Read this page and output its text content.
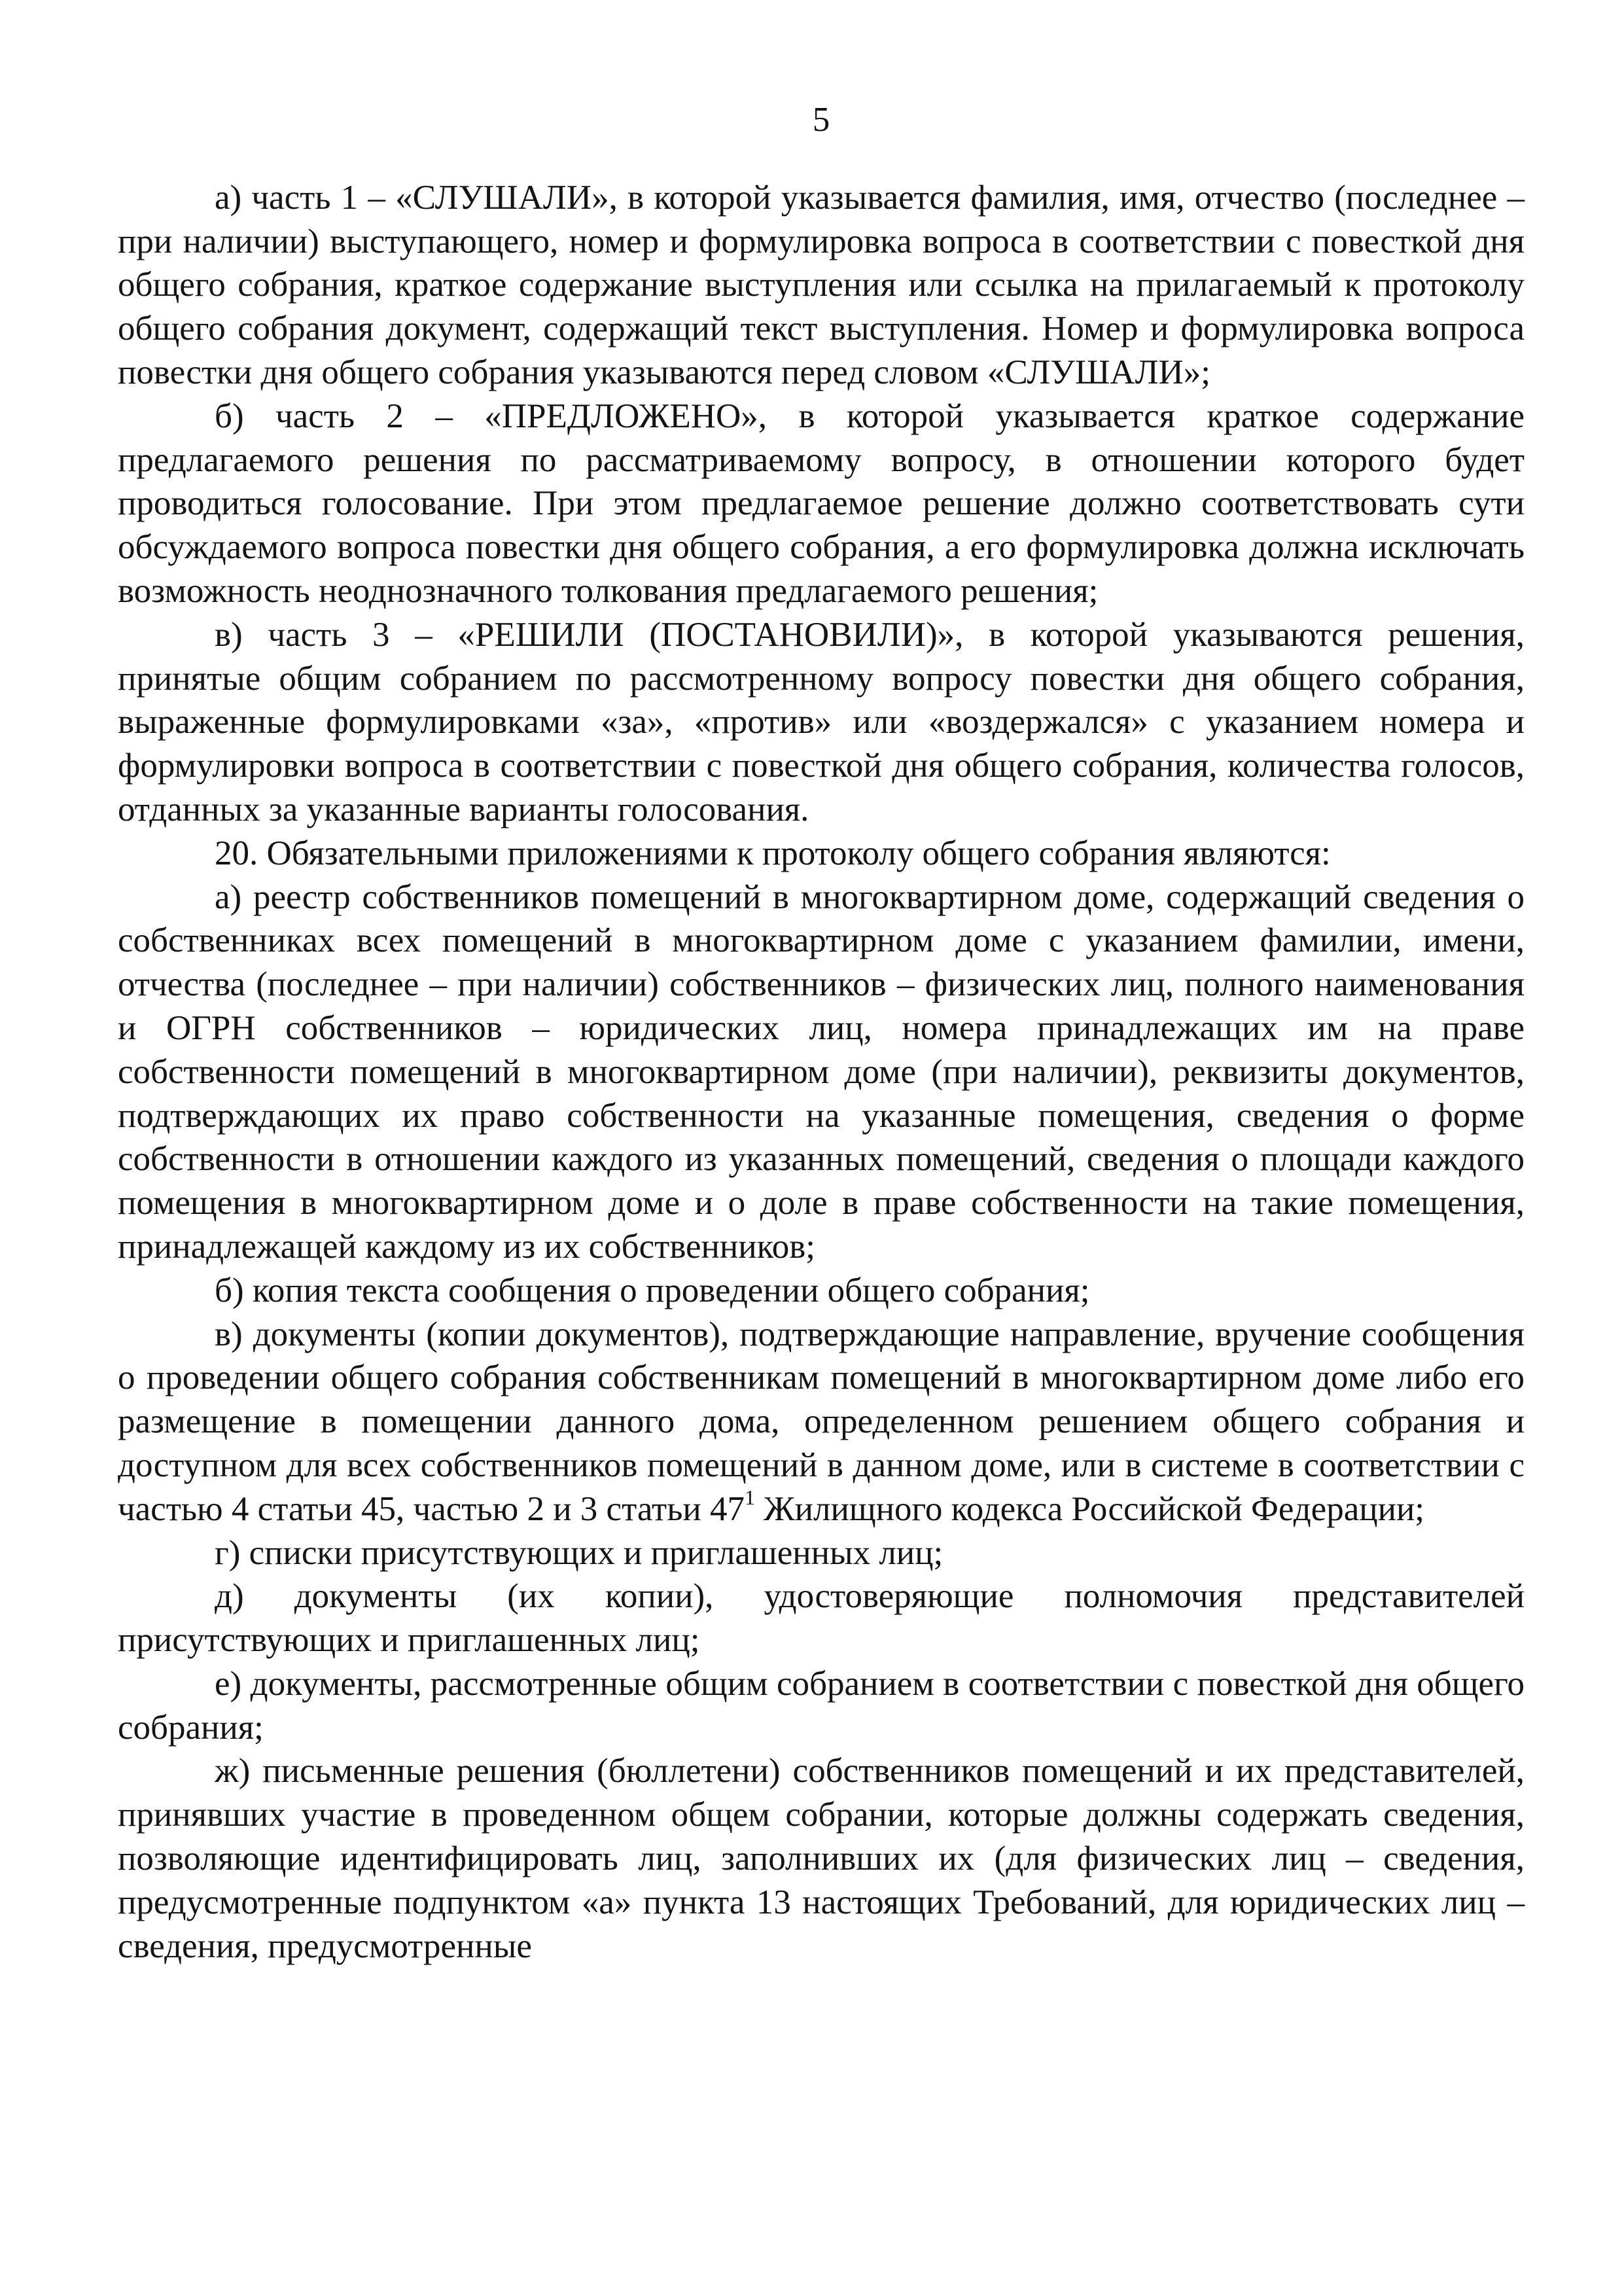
5

а) часть 1 – «СЛУШАЛИ», в которой указывается фамилия, имя, отчество (последнее – при наличии) выступающего, номер и формулировка вопроса в соответствии с повесткой дня общего собрания, краткое содержание выступления или ссылка на прилагаемый к протоколу общего собрания документ, содержащий текст выступления. Номер и формулировка вопроса повестки дня общего собрания указываются перед словом «СЛУШАЛИ»;

б) часть 2 – «ПРЕДЛОЖЕНО», в которой указывается краткое содержание предлагаемого решения по рассматриваемому вопросу, в отношении которого будет проводиться голосование. При этом предлагаемое решение должно соответствовать сути обсуждаемого вопроса повестки дня общего собрания, а его формулировка должна исключать возможность неоднозначного толкования предлагаемого решения;

в) часть 3 – «РЕШИЛИ (ПОСТАНОВИЛИ)», в которой указываются решения, принятые общим собранием по рассмотренному вопросу повестки дня общего собрания, выраженные формулировками «за», «против» или «воздержался» с указанием номера и формулировки вопроса в соответствии с повесткой дня общего собрания, количества голосов, отданных за указанные варианты голосования.

20. Обязательными приложениями к протоколу общего собрания являются:

а) реестр собственников помещений в многоквартирном доме, содержащий сведения о собственниках всех помещений в многоквартирном доме с указанием фамилии, имени, отчества (последнее – при наличии) собственников – физических лиц, полного наименования и ОГРН собственников – юридических лиц, номера принадлежащих им на праве собственности помещений в многоквартирном доме (при наличии), реквизиты документов, подтверждающих их право собственности на указанные помещения, сведения о форме собственности в отношении каждого из указанных помещений, сведения о площади каждого помещения в многоквартирном доме и о доле в праве собственности на такие помещения, принадлежащей каждому из их собственников;

б) копия текста сообщения о проведении общего собрания;

в) документы (копии документов), подтверждающие направление, вручение сообщения о проведении общего собрания собственникам помещений в многоквартирном доме либо его размещение в помещении данного дома, определенном решением общего собрания и доступном для всех собственников помещений в данном доме, или в системе в соответствии с частью 4 статьи 45, частью 2 и 3 статьи $47^1$ Жилищного кодекса Российской Федерации;

г) списки присутствующих и приглашенных лиц;

д) документы (их копии), удостоверяющие полномочия представителей присутствующих и приглашенных лиц;

е) документы, рассмотренные общим собранием в соответствии с повесткой дня общего собрания;

ж) письменные решения (бюллетени) собственников помещений и их представителей, принявших участие в проведенном общем собрании, которые должны содержать сведения, позволяющие идентифицировать лиц, заполнивших их (для физических лиц – сведения, предусмотренные подпунктом «а» пункта 13 настоящих Требований, для юридических лиц – сведения, предусмотренные
